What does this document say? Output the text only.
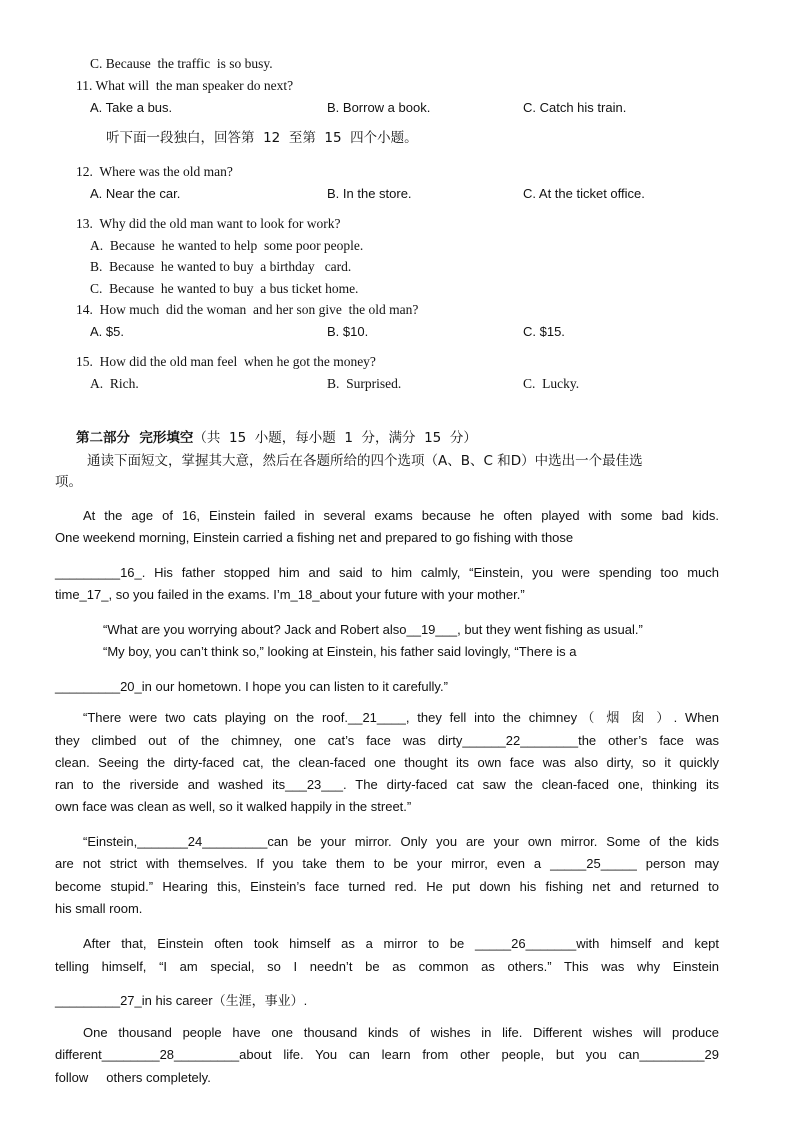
C. Because  the traffic  is so busy.
11. What will  the man speaker do next?
A. Take a bus.	B. Borrow a book.	C. Catch his train.
听下面一段独白，回答第  12  至第  15  四个小题。
12.  Where was the old man?
A. Near the car.	B. In the store.	C. At the ticket office.
13.  Why did the old man want to look for work?
A.  Because  he wanted to help  some poor people.
B.  Because  he wanted to buy  a birthday   card.
C.  Because  he wanted to buy  a bus ticket home.
14.  How much  did the woman  and her son give  the old man?
A. $5.	B. $10.	C. $15.
15.  How did the old man feel  when he got the money?
A.  Rich.	B.  Surprised.	C.  Lucky.
第二部分  完形填空（共  15  小题，每小题  1  分，满分  15  分）
通读下面短文，掌握其大意，然后在各题所给的四个选项（A、B、C 和D）中选出一个最佳选
项。
At the age of 16, Einstein failed in several exams because he often played with some bad kids.
One weekend morning, Einstein carried a fishing net and prepared to go fishing with those
_________16_. His father stopped him and said to him calmly, “Einstein, you were spending too much
time_17_, so you failed in the exams. I’m_18_about your future with your mother.”
“What are you worrying about? Jack and Robert also__19___, but they went fishing as usual.”
“My boy, you can’t think so,” looking at Einstein, his father said lovingly, “There is a
_________20_in our hometown. I hope you can listen to it carefully.”
“There were two cats playing on the roof.__21____, they fell into the chimney（ 烟 囱 ）. When
they climbed out of the chimney, one cat’s face was dirty______22________the other’s face was
clean. Seeing the dirty-faced cat, the clean-faced one thought its own face was also dirty, so it quickly
ran to the riverside and washed its___23___. The dirty-faced cat saw the clean-faced one, thinking its
own face was clean as well, so it walked happily in the street.”
“Einstein,_______24_________can be your mirror. Only you are your own mirror. Some of the kids
are not strict with themselves. If you take them to be your mirror, even a _____25_____ person may
become stupid.” Hearing this, Einstein’s face turned red. He put down his fishing net and returned to
his small room.
After that, Einstein often took himself as a mirror to be _____26_______with himself and kept
telling himself, “I am special, so I needn’t be as common as others.” This was why Einstein
_________27_in his career（生涯，事业）.
One thousand people have one thousand kinds of wishes in life. Different wishes will produce
different________28_________about life. You can learn from other people, but you can_________29
follow     others completely.
